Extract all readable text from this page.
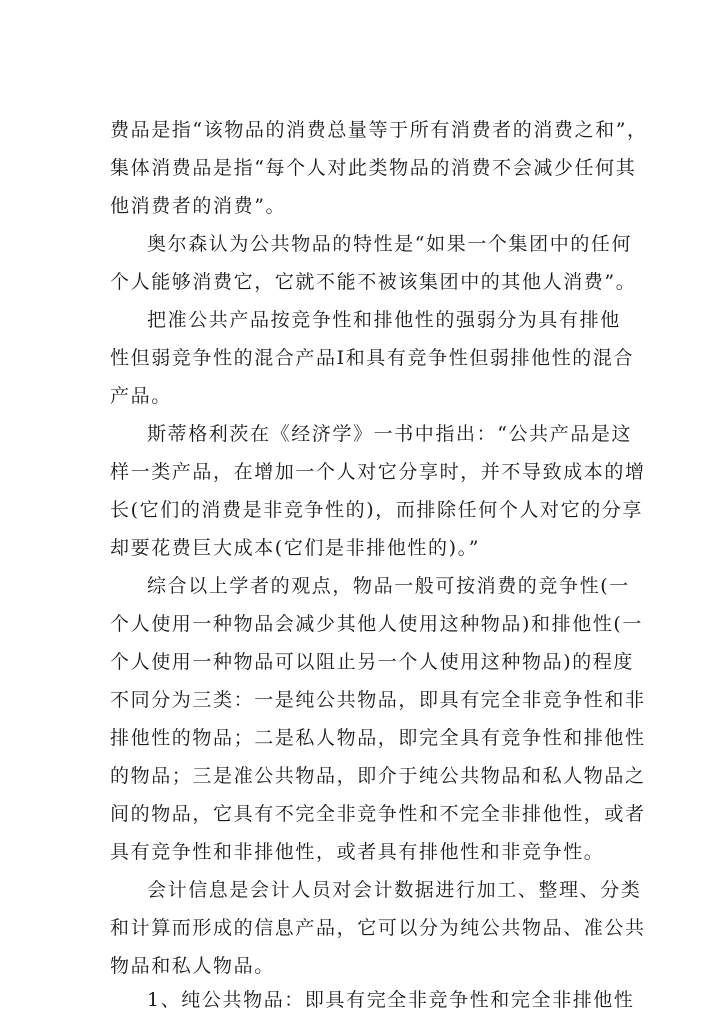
费品是指“该物品的消费总量等于所有消费者的消费之和”，
集体消费品是指“每个人对此类物品的消费不会减少任何其
他消费者的消费”。
奥尔森认为公共物品的特性是“如果一个集团中的任何
个人能够消费它，它就不能不被该集团中的其他人消费”。
把准公共产品按竞争性和排他性的强弱分为具有排他
性但弱竞争性的混合产品Ⅰ和具有竞争性但弱排他性的混合
产品。
斯蒂格利茨在《经济学》一书中指出：“公共产品是这
样一类产品，在增加一个人对它分享时，并不导致成本的增
长(它们的消费是非竞争性的)，而排除任何个人对它的分享
却要花费巨大成本(它们是非排他性的)。”
综合以上学者的观点，物品一般可按消费的竞争性(一
个人使用一种物品会减少其他人使用这种物品)和排他性(一
个人使用一种物品可以阻止另一个人使用这种物品)的程度
不同分为三类：一是纯公共物品，即具有完全非竞争性和非
排他性的物品；二是私人物品，即完全具有竞争性和排他性
的物品；三是准公共物品，即介于纯公共物品和私人物品之
间的物品，它具有不完全非竞争性和不完全非排他性，或者
具有竞争性和非排他性，或者具有排他性和非竞争性。
会计信息是会计人员对会计数据进行加工、整理、分类
和计算而形成的信息产品，它可以分为纯公共物品、准公共
物品和私人物品。
1、纯公共物品：即具有完全非竞争性和完全非排他性
